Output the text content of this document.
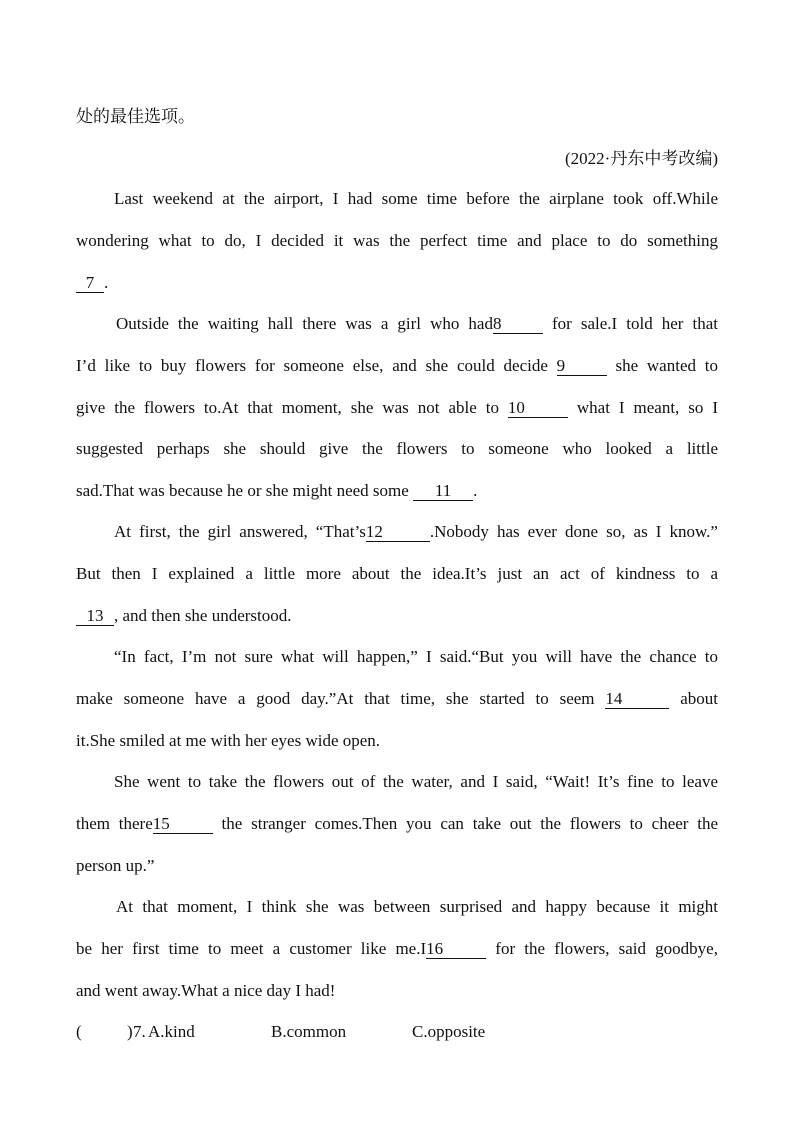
处的最佳选项。
(2022·丹东中考改编)
Last weekend at the airport, I had some time before the airplane took off.While
wondering what to do, I decided it was the perfect time and place to do something
7 .
Outside the waiting hall there was a girl who had8 for sale.I told her that
I’d like to buy flowers for someone else, and she could decide 9 she wanted to
give the flowers to.At that moment, she was not able to 10	what I meant, so I
suggested perhaps she should give the flowers to someone who looked a little
sad.That was because he or she might need some 11 .
At first, the girl answered, “That’s12	.Nobody has ever done so, as I know.”
But then I explained a little more about the idea.It’s just an act of kindness to a
13 , and then she understood.
“In fact, I’m not sure what will happen,” I said.“But you will have the chance to
make someone have a good day.”At that time, she started to seem 14	about
it.She smiled at me with her eyes wide open.
She went to take the flowers out of the water, and I said, “Wait! It’s fine to leave
them there15	the stranger comes.Then you can take out the flowers to cheer the
person up.”
At that moment, I think she was between surprised and happy because it might
be her first time to meet a customer like me.I16	for the flowers, said goodbye,
and went away.What a nice day I had!
(	) 7. A.kind	B.common	C.opposite
